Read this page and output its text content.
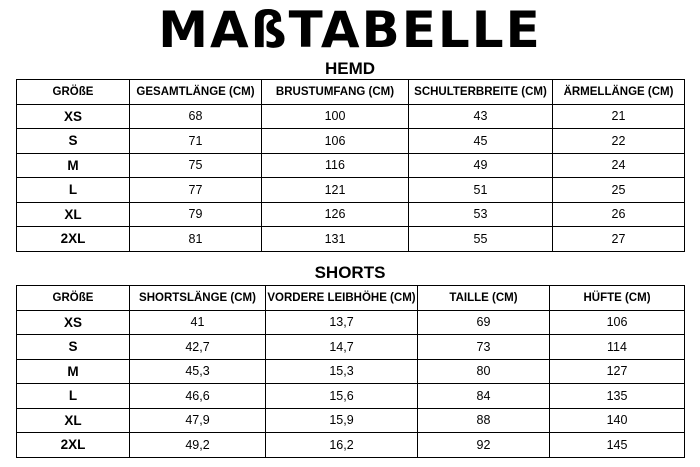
MAßTABELLE
HEMD
GRÖßE	GESAMTLÄNGE (CM)	BRUSTUMFANG (CM)	SCHULTERBREITE (CM)	ÄRMELLÄNGE (CM)
XS	68	100	43	21
S	71	106	45	22
M	75	116	49	24
L	77	121	51	25
XL	79	126	53	26
2XL	81	131	55	27
SHORTS
GRÖßE	SHORTSLÄNGE (CM)	VORDERE LEIBHÖHE (CM)	TAILLE (CM)	HÜFTE (CM)
XS	41	13,7	69	106
S	42,7	14,7	73	114
M	45,3	15,3	80	127
L	46,6	15,6	84	135
XL	47,9	15,9	88	140
2XL	49,2	16,2	92	145
